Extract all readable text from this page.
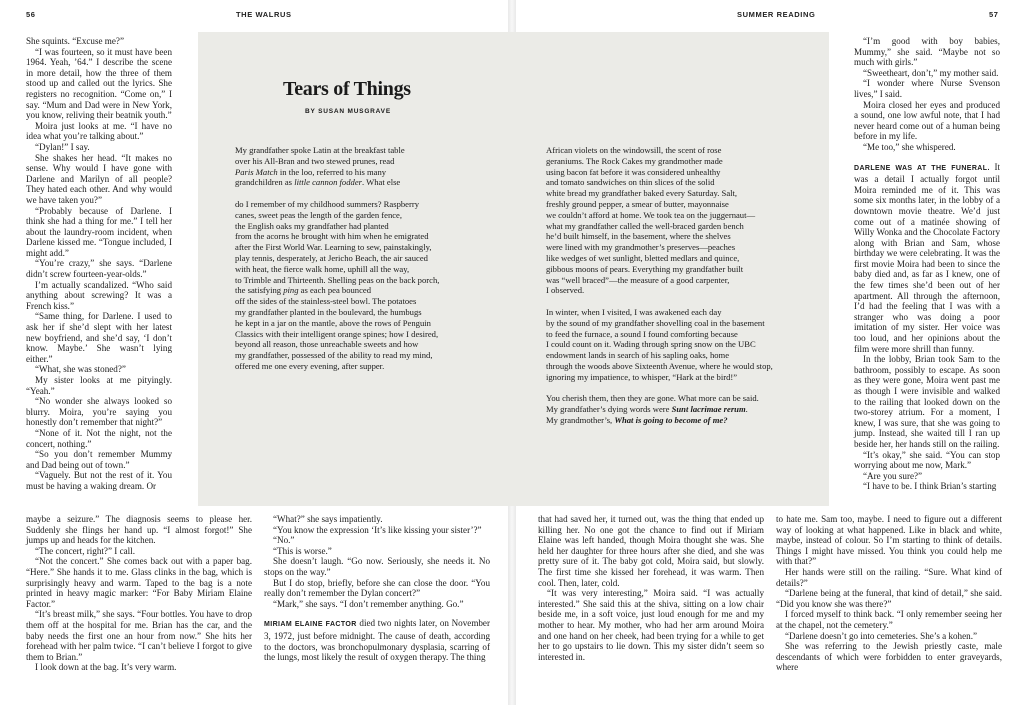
56	THE WALRUS

She squints. “Excuse me?”

“I was fourteen, so it must have been 1964. Yeah, ’64.” I describe the scene in more detail, how the three of them stood up and called out the lyrics. She registers no recognition. “Come on,” I say. “Mum and Dad were in New York, you know, reliving their beatnik youth.”

Moira just looks at me. “I have no idea what you’re talking about.”

“Dylan!” I say.

She shakes her head. “It makes no sense. Why would I have gone with Darlene and Marilyn of all people? They hated each other. And why would we have taken you?”

“Probably because of Darlene. I think she had a thing for me.” I tell her about the laundry-room incident, when Darlene kissed me. “Tongue included, I might add.”

“You’re crazy,” she says. “Darlene didn’t screw fourteen-year-olds.”

I’m actually scandalized. “Who said anything about screwing? It was a French kiss.”

“Same thing, for Darlene. I used to ask her if she’d slept with her latest new boyfriend, and she’d say, ‘I don’t know. Maybe.’ She wasn’t lying either.”

“What, she was stoned?”

My sister looks at me pityingly. “Yeah.”

“No wonder she always looked so blurry. Moira, you’re saying you honestly don’t remember that night?”

“None of it. Not the night, not the concert, nothing.”

“So you don’t remember Mummy and Dad being out of town.”

“Vaguely. But not the rest of it. You must be having a waking dream. Or

maybe a seizure.” The diagnosis seems to please her. Suddenly she flings her hand up. “I almost forgot!” She jumps up and heads for the kitchen.

“The concert, right?” I call.

“Not the concert.” She comes back out with a paper bag. “Here.” She hands it to me. Glass clinks in the bag, which is surprisingly heavy and warm. Taped to the bag is a note printed in heavy magic marker: “For Baby Miriam Elaine Factor.”

“It’s breast milk,” she says. “Four bottles. You have to drop them off at the hospital for me. Brian has the car, and the baby needs the first one an hour from now.” She hits her forehead with her palm twice. “I can’t believe I forgot to give them to Brian.”

I look down at the bag. It’s very warm.

“What?” she says impatiently.

“You know the expression ‘It’s like kissing your sister’?”

“No.”

“This is worse.”

She doesn’t laugh. “Go now. Seriously, she needs it. No stops on the way.”

But I do stop, briefly, before she can close the door. “You really don’t remember the Dylan concert?”

“Mark,” she says. “I don’t remember anything. Go.”

MIRIAM ELAINE FACTOR died two nights later, on November 3, 1972, just before midnight. The cause of death, according to the doctors, was bronchopulmonary dysplasia, scarring of the lungs, most likely the result of oxygen therapy. The thing

SUMMER READING	57

“I’m good with boy babies, Mummy,” she said. “Maybe not so much with girls.”

“Sweetheart, don’t,” my mother said.

“I wonder where Nurse Svenson lives,” I said.

Moira closed her eyes and produced a sound, one low awful note, that I had never heard come out of a human being before in my life.

“Me too,” she whispered.

DARLENE WAS AT THE FUNERAL. It was a detail I actually forgot until Moira reminded me of it. This was some six months later, in the lobby of a downtown movie theatre. We’d just come out of a matinée showing of Willy Wonka and the Chocolate Factory along with Brian and Sam, whose birthday we were celebrating. It was the first movie Moira had been to since the baby died and, as far as I knew, one of the few times she’d been out of her apartment. All through the afternoon, I’d had the feeling that I was with a stranger who was doing a poor imitation of my sister. Her voice was too loud, and her opinions about the film were more shrill than funny.

In the lobby, Brian took Sam to the bathroom, possibly to escape. As soon as they were gone, Moira went past me as though I were invisible and walked to the railing that looked down on the two-storey atrium. For a moment, I knew, I was sure, that she was going to jump. Instead, she waited till I ran up beside her, her hands still on the railing.

“It’s okay,” she said. “You can stop worrying about me now, Mark.”

“Are you sure?”

“I have to be. I think Brian’s starting

that had saved her, it turned out, was the thing that ended up killing her. No one got the chance to find out if Miriam Elaine was left handed, though Moira thought she was. She held her daughter for three hours after she died, and she was pretty sure of it. The baby got cold, Moira said, but slowly. The first time she kissed her forehead, it was warm. Then cool. Then, later, cold.

“It was very interesting,” Moira said. “I was actually interested.” She said this at the shiva, sitting on a low chair beside me, in a soft voice, just loud enough for me and my mother to hear. My mother, who had her arm around Moira and one hand on her cheek, had been trying for a while to get her to go upstairs to lie down. This my sister didn’t seem so interested in.

to hate me. Sam too, maybe. I need to figure out a different way of looking at what happened. Like in black and white, maybe, instead of colour. So I’m starting to think of details. Things I might have missed. You think you could help me with that?”

Her hands were still on the railing. “Sure. What kind of details?”

“Darlene being at the funeral, that kind of detail,” she said. “Did you know she was there?”

I forced myself to think back. “I only remember seeing her at the chapel, not the cemetery.”

“Darlene doesn’t go into cemeteries. She’s a kohen.”

She was referring to the Jewish priestly caste, male descendants of which were forbidden to enter graveyards, where

Tears of Things
BY SUSAN MUSGRAVE
My grandfather spoke Latin at the breakfast table
over his All-Bran and two stewed prunes, read
Paris Match in the loo, referred to his many
grandchildren as little cannon fodder. What else
do I remember of my childhood summers? Raspberry
canes, sweet peas the length of the garden fence,
the English oaks my grandfather had planted
from the acorns he brought with him when he emigrated
after the First World War. Learning to sew, painstakingly,
play tennis, desperately, at Jericho Beach, the air sauced
with heat, the fierce walk home, uphill all the way,
to Trimble and Thirteenth. Shelling peas on the back porch,
the satisfying ping as each pea bounced
off the sides of the stainless-steel bowl. The potatoes
my grandfather planted in the boulevard, the humbugs
he kept in a jar on the mantle, above the rows of Penguin
Classics with their intelligent orange spines; how I desired,
beyond all reason, those unreachable sweets and how
my grandfather, possessed of the ability to read my mind,
offered me one every evening, after supper.
African violets on the windowsill, the scent of rose
geraniums. The Rock Cakes my grandmother made
using bacon fat before it was considered unhealthy
and tomato sandwiches on thin slices of the solid
white bread my grandfather baked every Saturday. Salt,
freshly ground pepper, a smear of butter, mayonnaise
we couldn’t afford at home. We took tea on the juggernaut—
what my grandfather called the well-braced garden bench
he’d built himself, in the basement, where the shelves
were lined with my grandmother’s preserves—peaches
like wedges of wet sunlight, bletted medlars and quince,
gibbous moons of pears. Everything my grandfather built
was “well braced”—the measure of a good carpenter,
I observed.
In winter, when I visited, I was awakened each day
by the sound of my grandfather shovelling coal in the basement
to feed the furnace, a sound I found comforting because
I could count on it. Wading through spring snow on the UBC
endowment lands in search of his sapling oaks, home
through the woods above Sixteenth Avenue, where he would stop,
ignoring my impatience, to whisper, “Hark at the bird!”
You cherish them, then they are gone. What more can be said.
My grandfather’s dying words were Sunt lacrimae rerum.
My grandmother’s, What is going to become of me?
